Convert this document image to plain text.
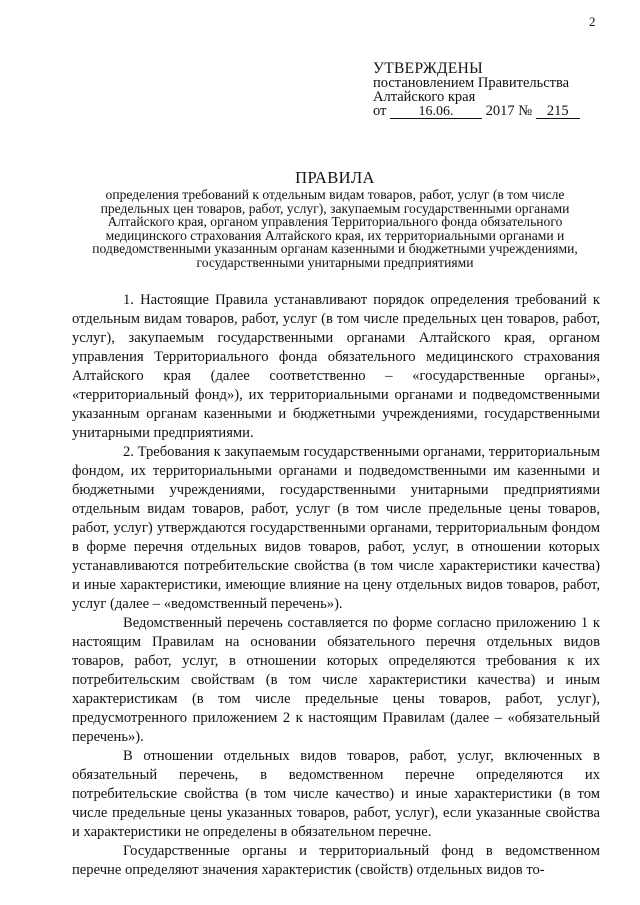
2
УТВЕРЖДЕНЫ
постановлением Правительства
Алтайского края
от 16.06. 2017 № 215
ПРАВИЛА
определения требований к отдельным видам товаров, работ, услуг (в том числе предельных цен товаров, работ, услуг), закупаемым государственными органами Алтайского края, органом управления Территориального фонда обязательного медицинского страхования Алтайского края, их территориальными органами и подведомственными указанным органам казенными и бюджетными учреждениями, государственными унитарными предприятиями

1. Настоящие Правила устанавливают порядок определения требований к отдельным видам товаров, работ, услуг (в том числе предельных цен товаров, работ, услуг), закупаемым государственными органами Алтайского края, органом управления Территориального фонда обязательного медицинского страхования Алтайского края (далее соответственно – «государственные органы», «территориальный фонд»), их территориальными органами и подведомственными указанным органам казенными и бюджетными учреждениями, государственными унитарными предприятиями.

2. Требования к закупаемым государственными органами, территориальным фондом, их территориальными органами и подведомственными им казенными и бюджетными учреждениями, государственными унитарными предприятиями отдельным видам товаров, работ, услуг (в том числе предельные цены товаров, работ, услуг) утверждаются государственными органами, территориальным фондом в форме перечня отдельных видов товаров, работ, услуг, в отношении которых устанавливаются потребительские свойства (в том числе характеристики качества) и иные характеристики, имеющие влияние на цену отдельных видов товаров, работ, услуг (далее – «ведомственный перечень»).

Ведомственный перечень составляется по форме согласно приложению 1 к настоящим Правилам на основании обязательного перечня отдельных видов товаров, работ, услуг, в отношении которых определяются требования к их потребительским свойствам (в том числе характеристики качества) и иным характеристикам (в том числе предельные цены товаров, работ, услуг), предусмотренного приложением 2 к настоящим Правилам (далее – «обязательный перечень»).

В отношении отдельных видов товаров, работ, услуг, включенных в обязательный перечень, в ведомственном перечне определяются их потребительские свойства (в том числе качество) и иные характеристики (в том числе предельные цены указанных товаров, работ, услуг), если указанные свойства и характеристики не определены в обязательном перечне.

Государственные органы и территориальный фонд в ведомственном перечне определяют значения характеристик (свойств) отдельных видов то-
